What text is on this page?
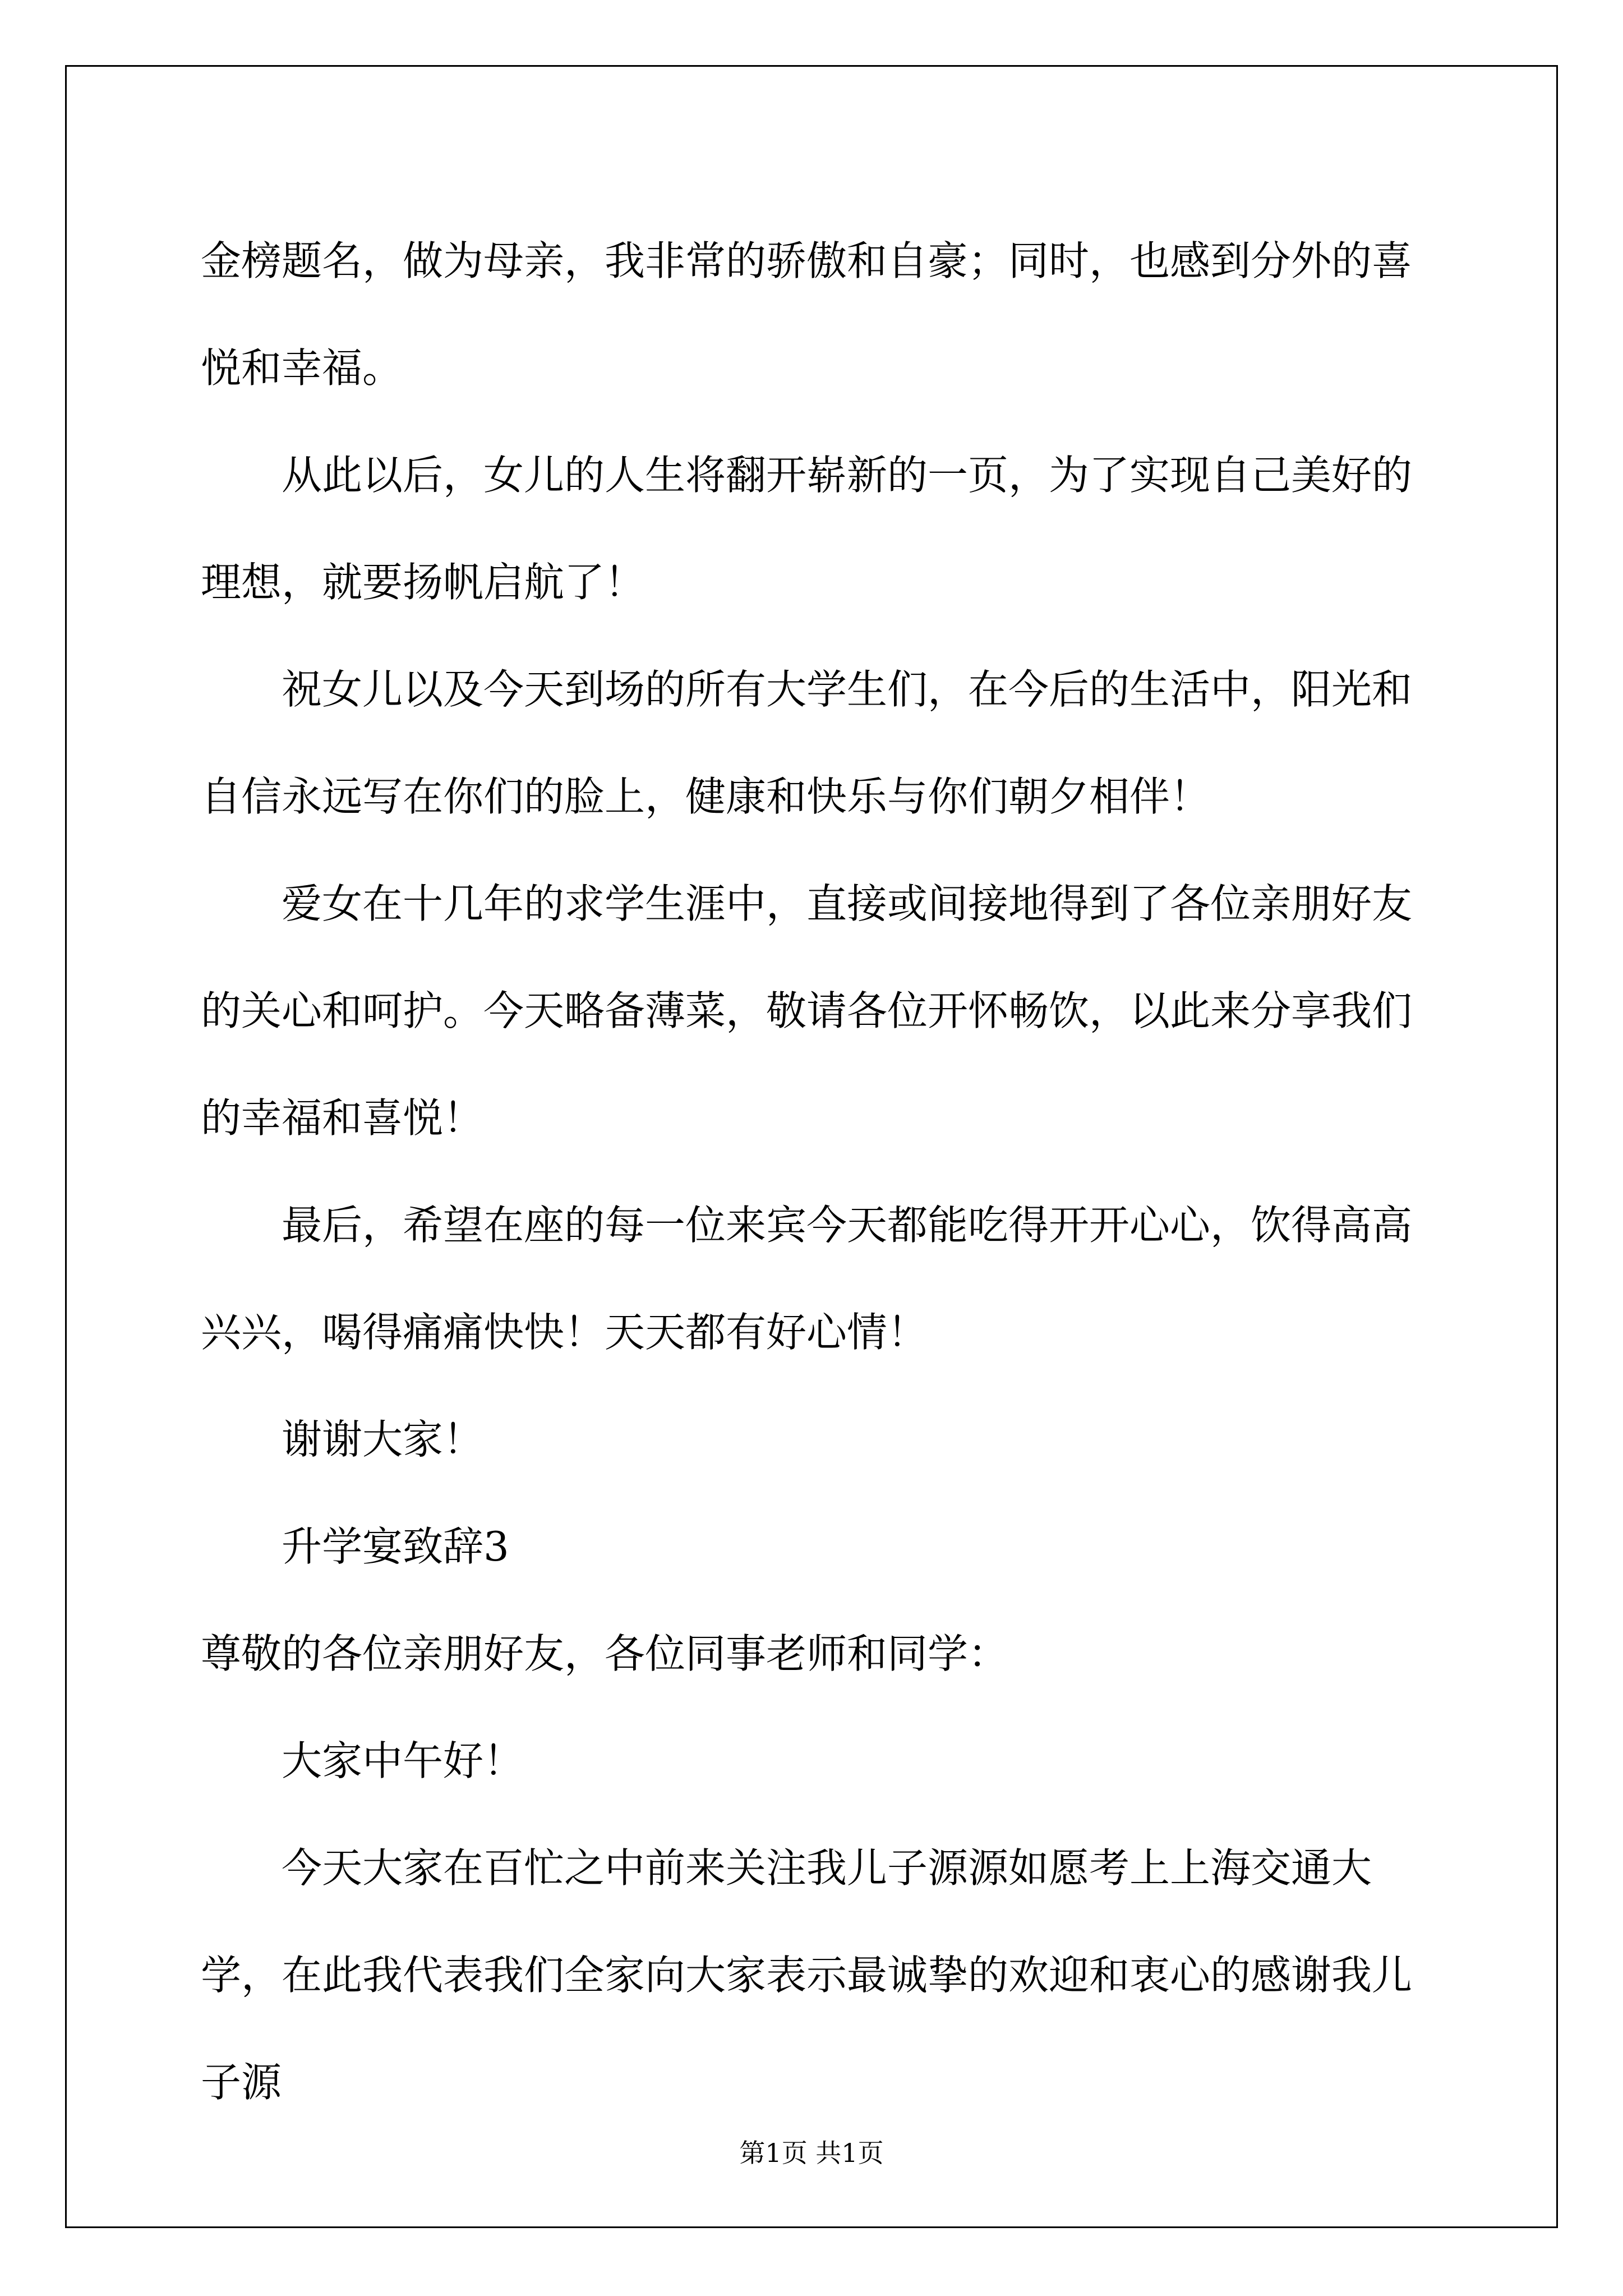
金榜题名，做为母亲，我非常的骄傲和自豪；同时，也感到分外的喜悦和幸福。

从此以后，女儿的人生将翻开崭新的一页，为了实现自己美好的理想，就要扬帆启航了！

祝女儿以及今天到场的所有大学生们，在今后的生活中，阳光和自信永远写在你们的脸上，健康和快乐与你们朝夕相伴！

爱女在十几年的求学生涯中，直接或间接地得到了各位亲朋好友的关心和呵护。今天略备薄菜，敬请各位开怀畅饮，以此来分享我们的幸福和喜悦！

最后，希望在座的每一位来宾今天都能吃得开开心心，饮得高高兴兴，喝得痛痛快快！天天都有好心情！

谢谢大家！

升学宴致辞3

尊敬的各位亲朋好友，各位同事老师和同学：

大家中午好！

今天大家在百忙之中前来关注我儿子源源如愿考上上海交通大学，在此我代表我们全家向大家表示最诚挚的欢迎和衷心的感谢我儿子源

第1页 共1页
